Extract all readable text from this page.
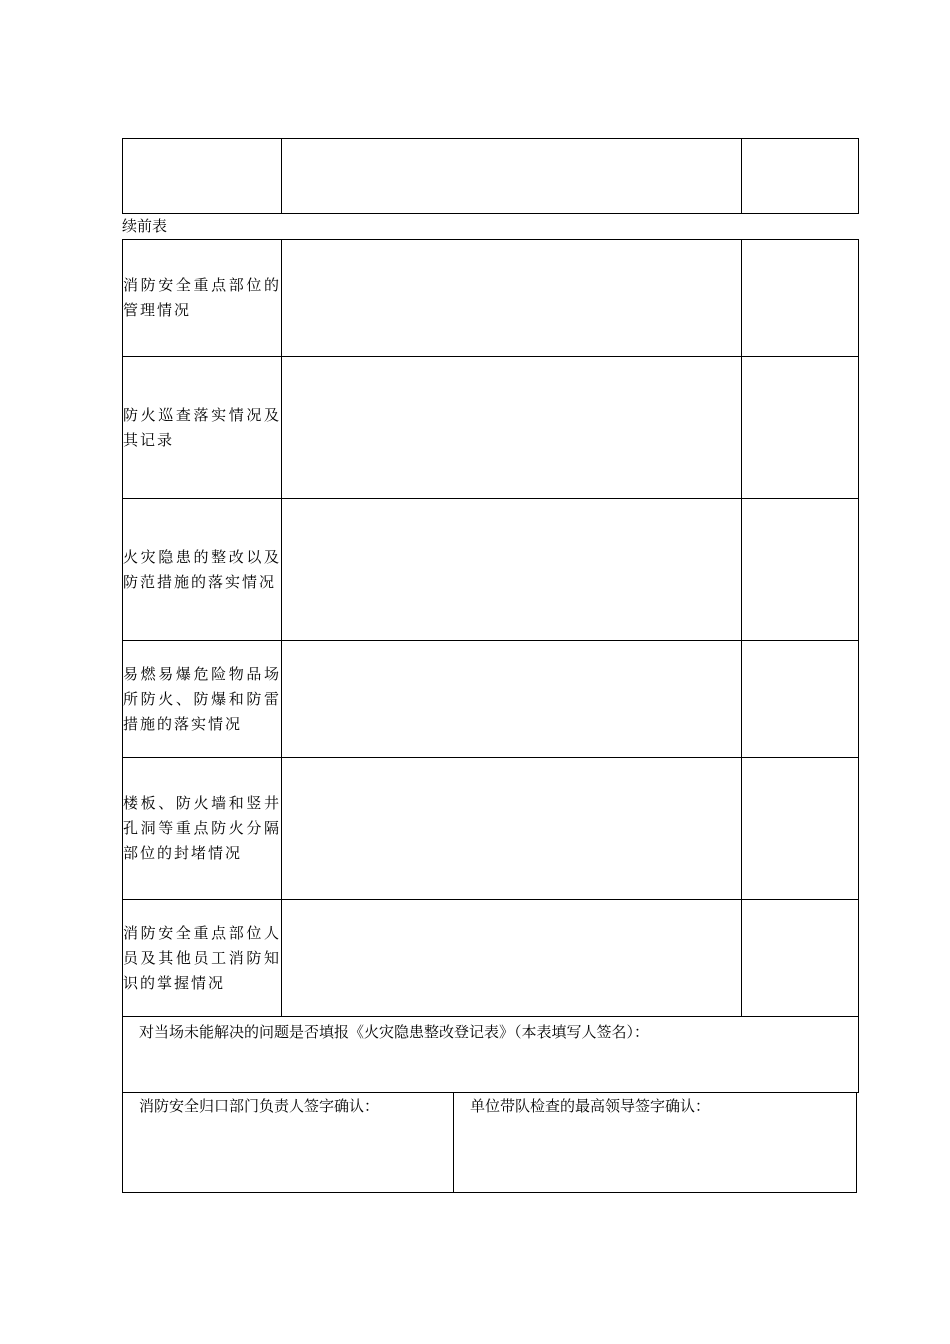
续前表
消防安全重点部位的管理情况		
防火巡查落实情况及其记录		
火灾隐患的整改以及防范措施的落实情况		
易燃易爆危险物品场所防火、防爆和防雷措施的落实情况		
楼板、防火墙和竖井孔洞等重点防火分隔部位的封堵情况		
消防安全重点部位人员及其他员工消防知识的掌握情况		
对当场未能解决的问题是否填报《火灾隐患整改登记表》（本表填写人签名）：		
消防安全归口部门负责人签字确认：	单位带队检查的最高领导签字确认：
